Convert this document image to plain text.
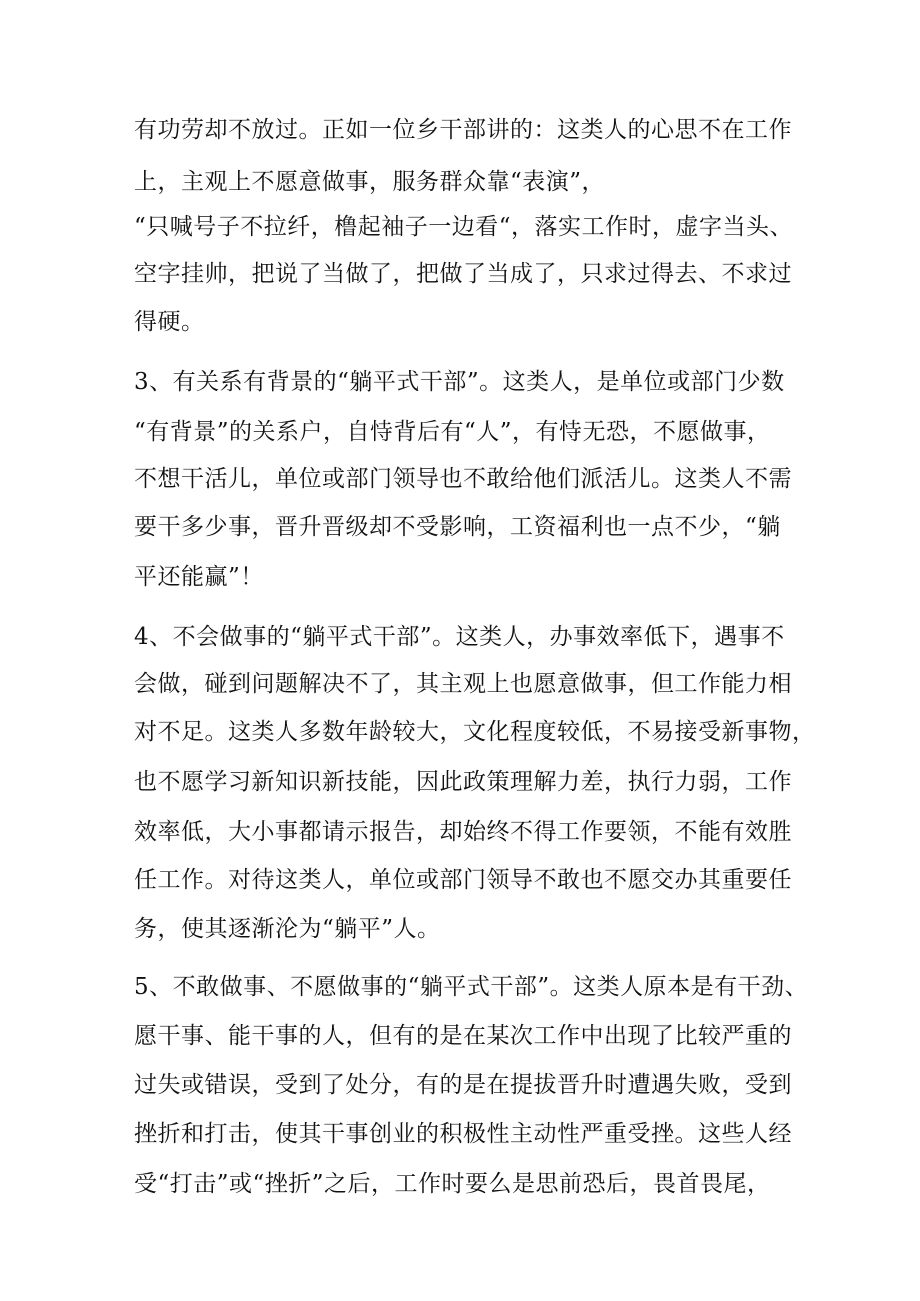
有功劳却不放过。正如一位乡干部讲的：这类人的心思不在工作
上，主观上不愿意做事，服务群众靠“表演”，
“只喊号子不拉纤，橹起袖子一边看“，落实工作时，虚字当头、
空字挂帅，把说了当做了，把做了当成了，只求过得去、不求过
得硬。
3、有关系有背景的“躺平式干部”。这类人，是单位或部门少数
“有背景”的关系户，自恃背后有“人”，有恃无恐，不愿做事，
不想干活儿，单位或部门领导也不敢给他们派活儿。这类人不需
要干多少事，晋升晋级却不受影响，工资福利也一点不少，“躺
平还能赢”！
4、不会做事的“躺平式干部”。这类人，办事效率低下，遇事不
会做，碰到问题解决不了，其主观上也愿意做事，但工作能力相
对不足。这类人多数年龄较大，文化程度较低，不易接受新事物，
也不愿学习新知识新技能，因此政策理解力差，执行力弱，工作
效率低，大小事都请示报告，却始终不得工作要领，不能有效胜
任工作。对待这类人，单位或部门领导不敢也不愿交办其重要任
务，使其逐渐沦为“躺平”人。
5、不敢做事、不愿做事的“躺平式干部”。这类人原本是有干劲、
愿干事、能干事的人，但有的是在某次工作中出现了比较严重的
过失或错误，受到了处分，有的是在提拔晋升时遭遇失败，受到
挫折和打击，使其干事创业的积极性主动性严重受挫。这些人经
受“打击”或“挫折”之后，工作时要么是思前恐后，畏首畏尾，
